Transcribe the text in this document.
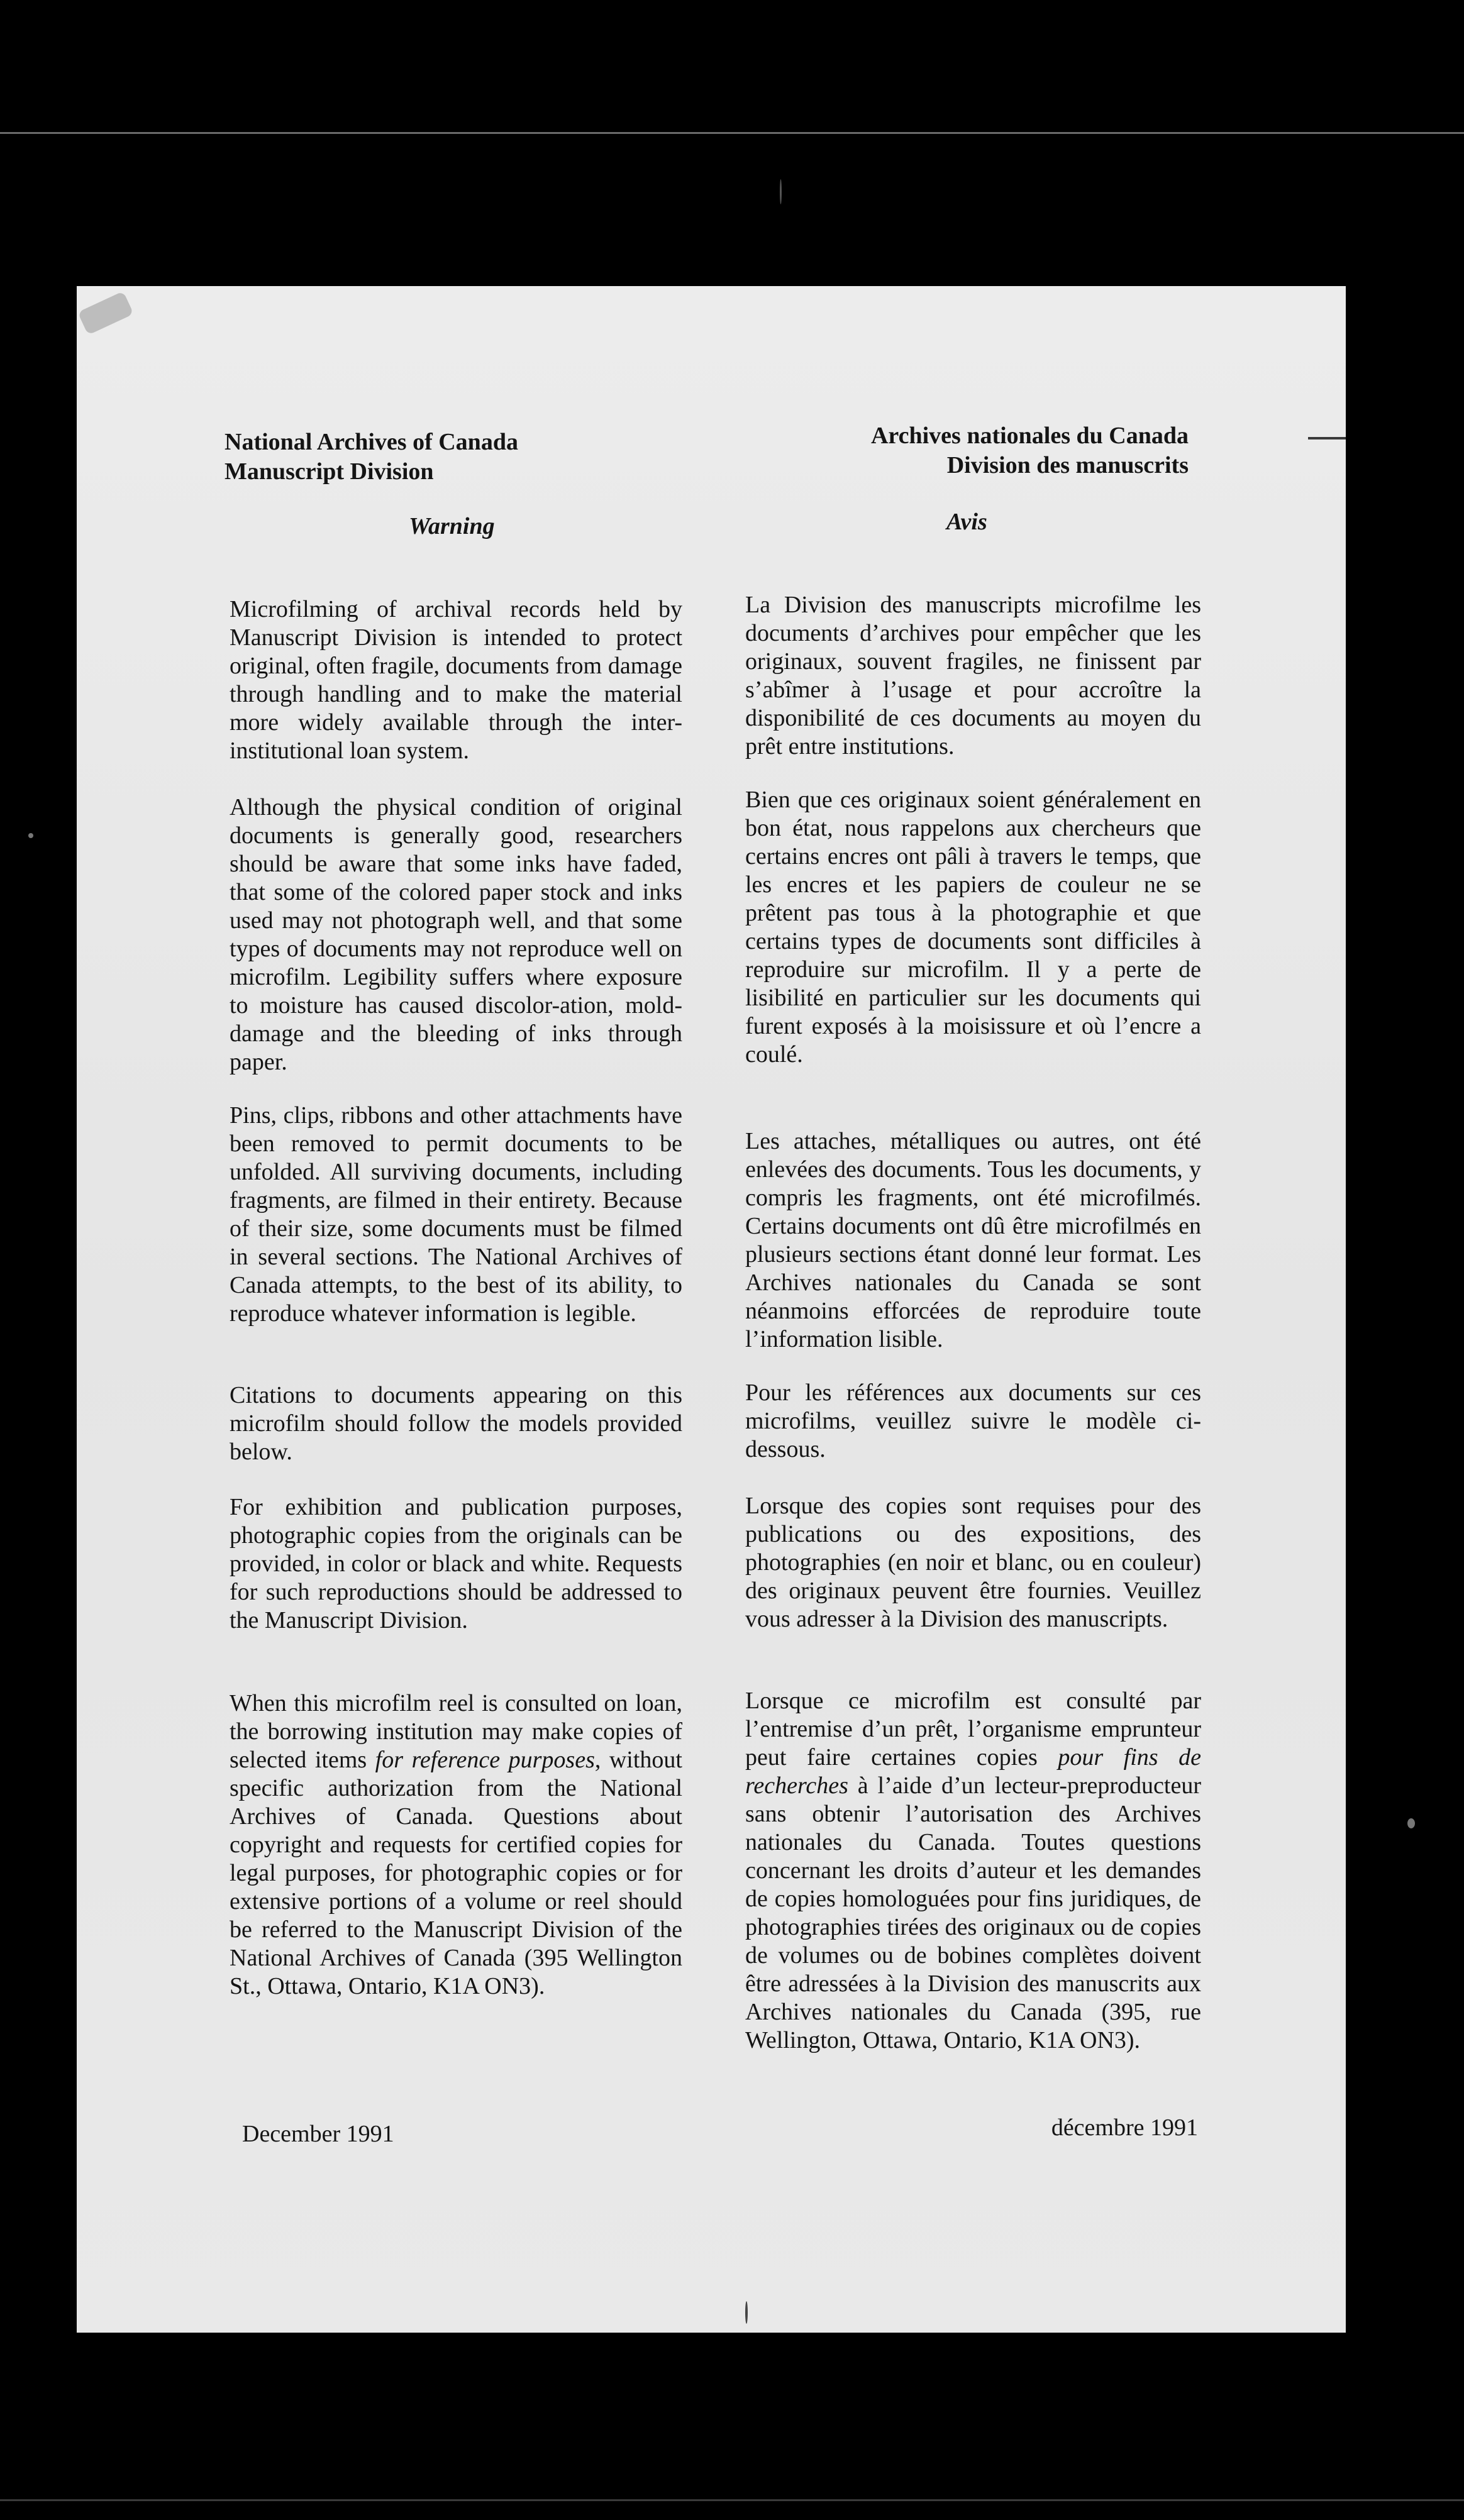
National Archives of Canada
Manuscript Division
Warning

Microfilming of archival records held by Manuscript Division is intended to protect original, often fragile, documents from damage through handling and to make the material more widely available through the inter-institutional loan system.

Although the physical condition of original documents is generally good, researchers should be aware that some inks have faded, that some of the colored paper stock and inks used may not photograph well, and that some types of documents may not reproduce well on microfilm. Legibility suffers where exposure to moisture has caused discolor-ation, mold-damage and the bleeding of inks through paper.

Pins, clips, ribbons and other attachments have been removed to permit documents to be unfolded. All surviving documents, including fragments, are filmed in their entirety. Because of their size, some documents must be filmed in several sections. The National Archives of Canada attempts, to the best of its ability, to reproduce whatever information is legible.

Citations to documents appearing on this microfilm should follow the models provided below.

For exhibition and publication purposes, photographic copies from the originals can be provided, in color or black and white. Requests for such reproductions should be addressed to the Manuscript Division.

When this microfilm reel is consulted on loan, the borrowing institution may make copies of selected items for reference purposes, without specific authorization from the National Archives of Canada. Questions about copyright and requests for certified copies for legal purposes, for photographic copies or for extensive portions of a volume or reel should be referred to the Manuscript Division of the National Archives of Canada (395 Wellington St., Ottawa, Ontario, K1A ON3).

December 1991
Archives nationales du Canada
Division des manuscrits
Avis

La Division des manuscripts microfilme les documents d’archives pour empêcher que les originaux, souvent fragiles, ne finissent par s’abîmer à l’usage et pour accroître la disponibilité de ces documents au moyen du prêt entre institutions.

Bien que ces originaux soient généralement en bon état, nous rappelons aux chercheurs que certains encres ont pâli à travers le temps, que les encres et les papiers de couleur ne se prêtent pas tous à la photographie et que certains types de documents sont difficiles à reproduire sur microfilm. Il y a perte de lisibilité en particulier sur les documents qui furent exposés à la moisissure et où l’encre a coulé.

Les attaches, métalliques ou autres, ont été enlevées des documents. Tous les documents, y compris les fragments, ont été microfilmés. Certains documents ont dû être microfilmés en plusieurs sections étant donné leur format. Les Archives nationales du Canada se sont néanmoins efforcées de reproduire toute l’information lisible.

Pour les références aux documents sur ces microfilms, veuillez suivre le modèle ci-dessous.

Lorsque des copies sont requises pour des publications ou des expositions, des photographies (en noir et blanc, ou en couleur) des originaux peuvent être fournies. Veuillez vous adresser à la Division des manuscripts.

Lorsque ce microfilm est consulté par l’entremise d’un prêt, l’organisme emprunteur peut faire certaines copies pour fins de recherches à l’aide d’un lecteur-preproducteur sans obtenir l’autorisation des Archives nationales du Canada. Toutes questions concernant les droits d’auteur et les demandes de copies homologuées pour fins juridiques, de photographies tirées des originaux ou de copies de volumes ou de bobines complètes doivent être adressées à la Division des manuscrits aux Archives nationales du Canada (395, rue Wellington, Ottawa, Ontario, K1A ON3).

décembre 1991
